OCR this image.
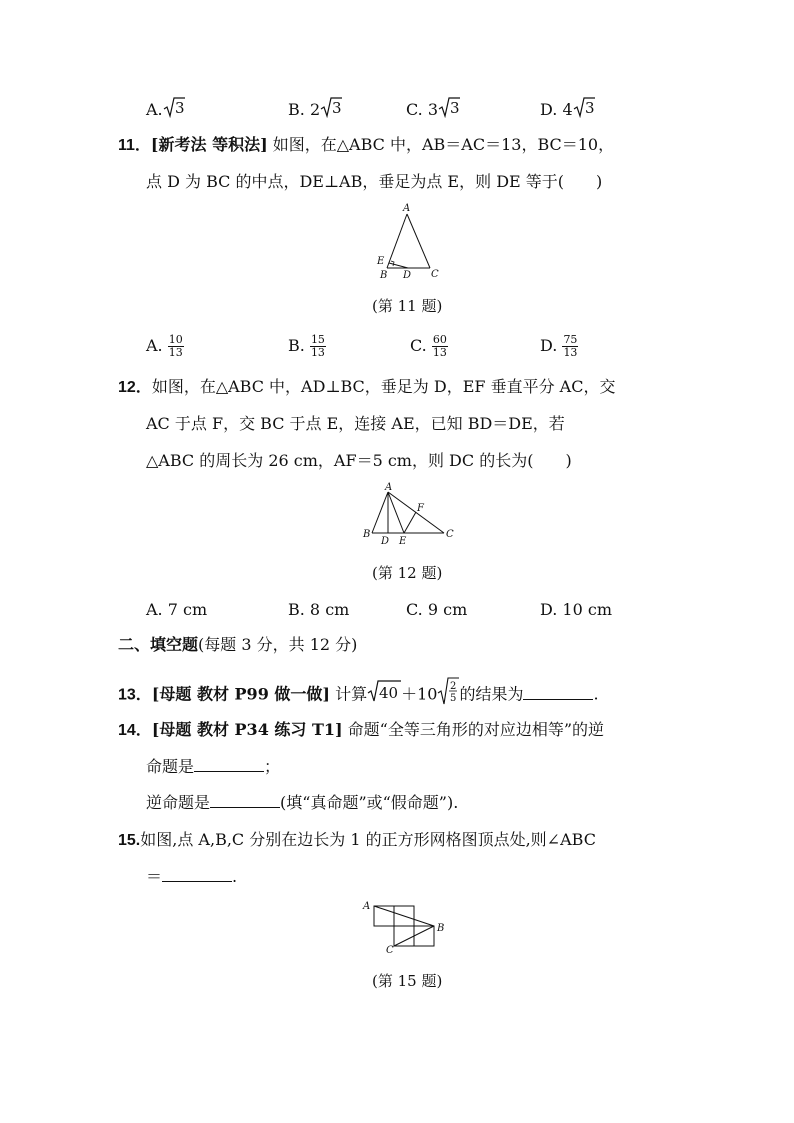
A. 3	B. 2 3	C. 3 3	D. 4 3
11．[新考法 等积法] 如图，在△ABC 中，AB＝AC＝13，BC＝10，
点 D 为 BC 的中点，DE⊥AB，垂足为点 E，则 DE 等于(　　)
A
E
B D C
(第 11 题)
A. $\frac{10}{13}$	B. $\frac{15}{13}$	C. $\frac{60}{13}$	D. $\frac{75}{13}$
12．如图，在△ABC 中，AD⊥BC，垂足为 D，EF 垂直平分 AC，交
AC 于点 F，交 BC 于点 E，连接 AE，已知 BD＝DE，若
△ABC 的周长为 26 cm，AF＝5 cm，则 DC 的长为(　　)
A
F
B
D E
C
(第 12 题)
A. 7 cm	B. 8 cm	C. 9 cm	D. 10 cm
二、填空题(每题 3 分，共 12 分)
13．[母题 教材 P99 做一做] 计算 40 ＋10 2
5 的结果为	.
14．[母题 教材 P34 练习 T1] 命题“全等三角形的对应边相等”的逆
命题是	；
逆命题是	(填“真命题”或“假命题”).
15.如图,点 A,B,C 分别在边长为 1 的正方形网格图顶点处,则∠ABC
＝	.
A
B
C
(第 15 题)
